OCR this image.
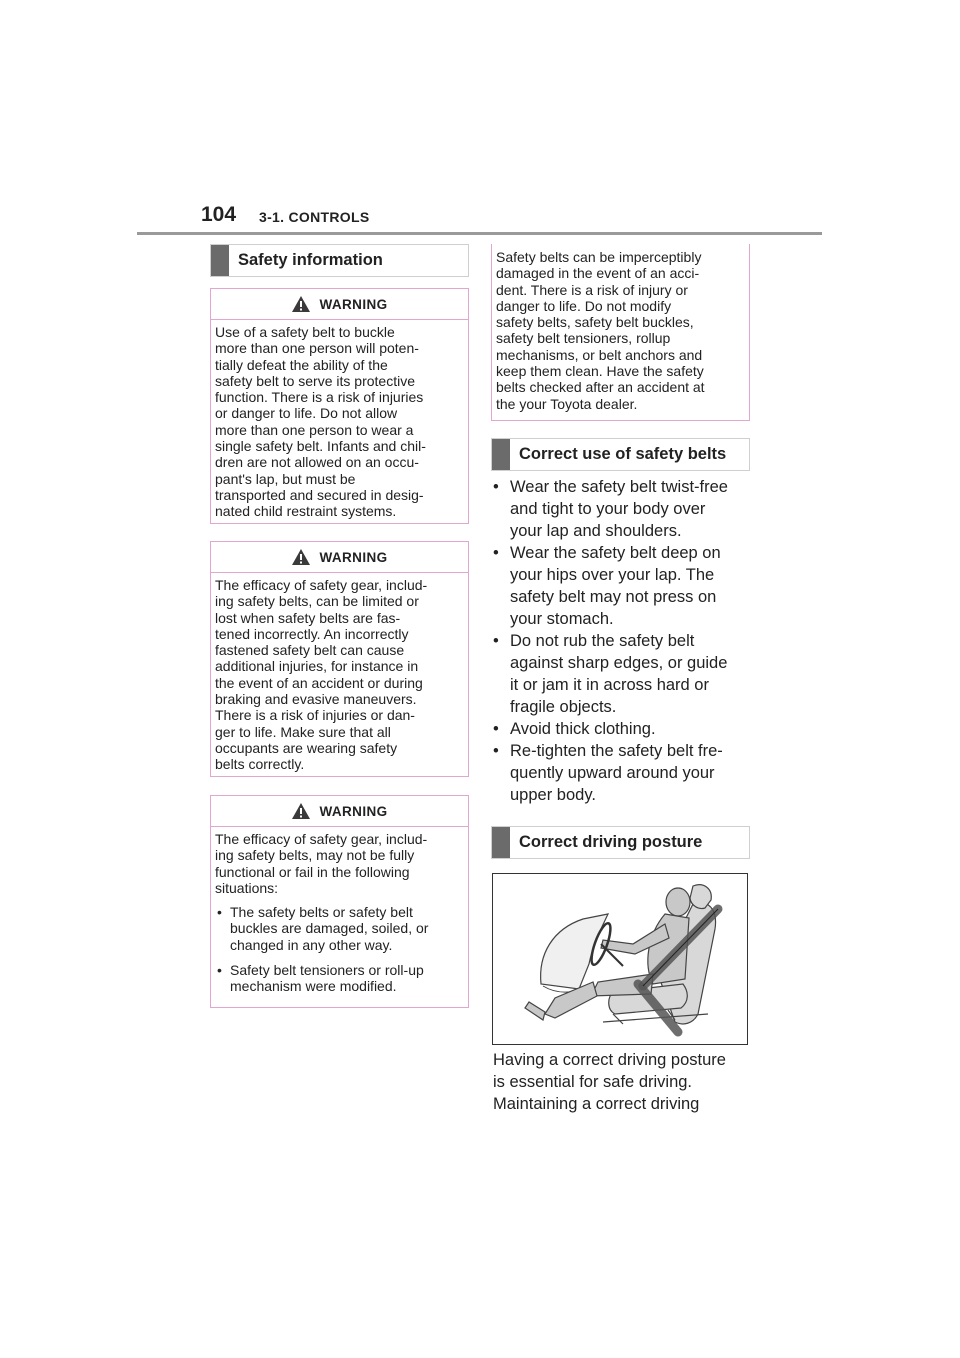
104 3-1. CONTROLS
Safety information
WARNING
Use of a safety belt to buckle
more than one person will poten-
tially defeat the ability of the
safety belt to serve its protective
function. There is a risk of injuries
or danger to life. Do not allow
more than one person to wear a
single safety belt. Infants and chil-
dren are not allowed on an occu-
pant's lap, but must be
transported and secured in desig-
nated child restraint systems.
WARNING
The efficacy of safety gear, includ-
ing safety belts, can be limited or
lost when safety belts are fas-
tened incorrectly. An incorrectly
fastened safety belt can cause
additional injuries, for instance in
the event of an accident or during
braking and evasive maneuvers.
There is a risk of injuries or dan-
ger to life. Make sure that all
occupants are wearing safety
belts correctly.
WARNING
The efficacy of safety gear, includ-
ing safety belts, may not be fully
functional or fail in the following
situations:
• The safety belts or safety belt
buckles are damaged, soiled, or
changed in any other way.
• Safety belt tensioners or roll-up
mechanism were modified.
Safety belts can be imperceptibly
damaged in the event of an acci-
dent. There is a risk of injury or
danger to life. Do not modify
safety belts, safety belt buckles,
safety belt tensioners, rollup
mechanisms, or belt anchors and
keep them clean. Have the safety
belts checked after an accident at
the your Toyota dealer.
Correct use of safety belts
• Wear the safety belt twist-free
and tight to your body over
your lap and shoulders.
• Wear the safety belt deep on
your hips over your lap. The
safety belt may not press on
your stomach.
• Do not rub the safety belt
against sharp edges, or guide
it or jam it in across hard or
fragile objects.
• Avoid thick clothing.
• Re-tighten the safety belt fre-
quently upward around your
upper body.
Correct driving posture
Having a correct driving posture
is essential for safe driving.
Maintaining a correct driving
